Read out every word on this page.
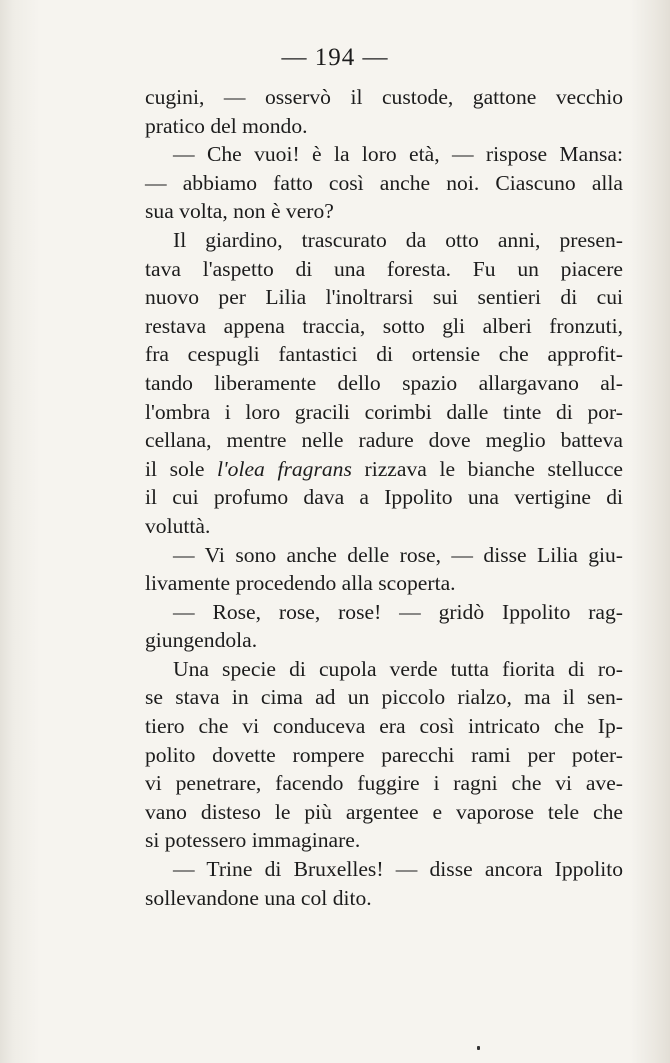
— 194 —
cugini, — osservò il custode, gattone vecchio
pratico del mondo.
— Che vuoi! è la loro età, — rispose Mansa:
— abbiamo fatto così anche noi. Ciascuno alla
sua volta, non è vero?
Il giardino, trascurato da otto anni, presen-
tava l'aspetto di una foresta. Fu un piacere
nuovo per Lilia l'inoltrarsi sui sentieri di cui
restava appena traccia, sotto gli alberi fronzuti,
fra cespugli fantastici di ortensie che approfit-
tando liberamente dello spazio allargavano al-
l'ombra i loro gracili corimbi dalle tinte di por-
cellana, mentre nelle radure dove meglio batteva
il sole l'olea fragrans rizzava le bianche stellucce
il cui profumo dava a Ippolito una vertigine di
voluttà.
— Vi sono anche delle rose, — disse Lilia giu-
livamente procedendo alla scoperta.
— Rose, rose, rose! — gridò Ippolito rag-
giungendola.
Una specie di cupola verde tutta fiorita di ro-
se stava in cima ad un piccolo rialzo, ma il sen-
tiero che vi conduceva era così intricato che Ip-
polito dovette rompere parecchi rami per poter-
vi penetrare, facendo fuggire i ragni che vi ave-
vano disteso le più argentee e vaporose tele che
si potessero immaginare.
— Trine di Bruxelles! — disse ancora Ippolito
sollevandone una col dito.
